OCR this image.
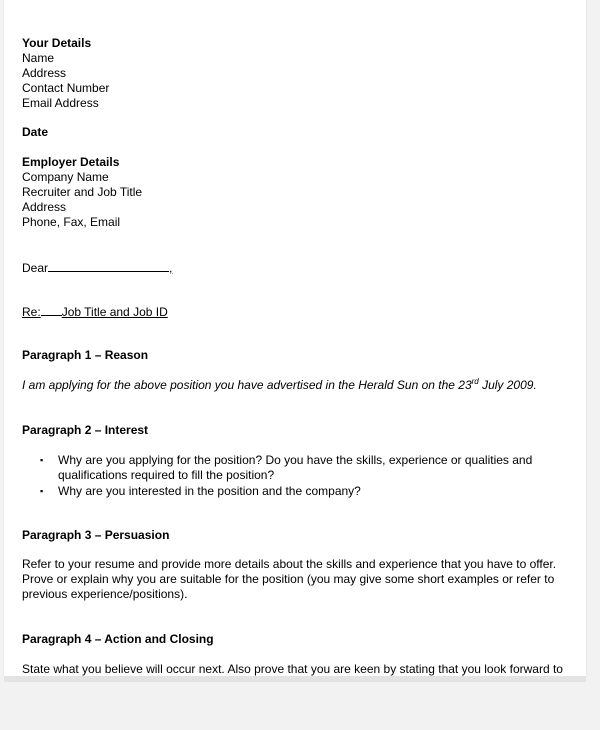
Your Details
Name
Address
Contact Number
Email Address
Date
Employer Details
Company Name
Recruiter and Job Title
Address
Phone, Fax, Email
Dear	,
Re: Job Title and Job ID
Paragraph 1 – Reason
I am applying for the above position you have advertised in the Herald Sun on the 23rd July 2009.
Paragraph 2 – Interest
▪ Why are you applying for the position? Do you have the skills, experience or qualities and qualifications required to fill the position?
▪ Why are you interested in the position and the company?
Paragraph 3 – Persuasion
Refer to your resume and provide more details about the skills and experience that you have to offer. Prove or explain why you are suitable for the position (you may give some short examples or refer to previous experience/positions).
Paragraph 4 – Action and Closing
State what you believe will occur next. Also prove that you are keen by stating that you look forward to
